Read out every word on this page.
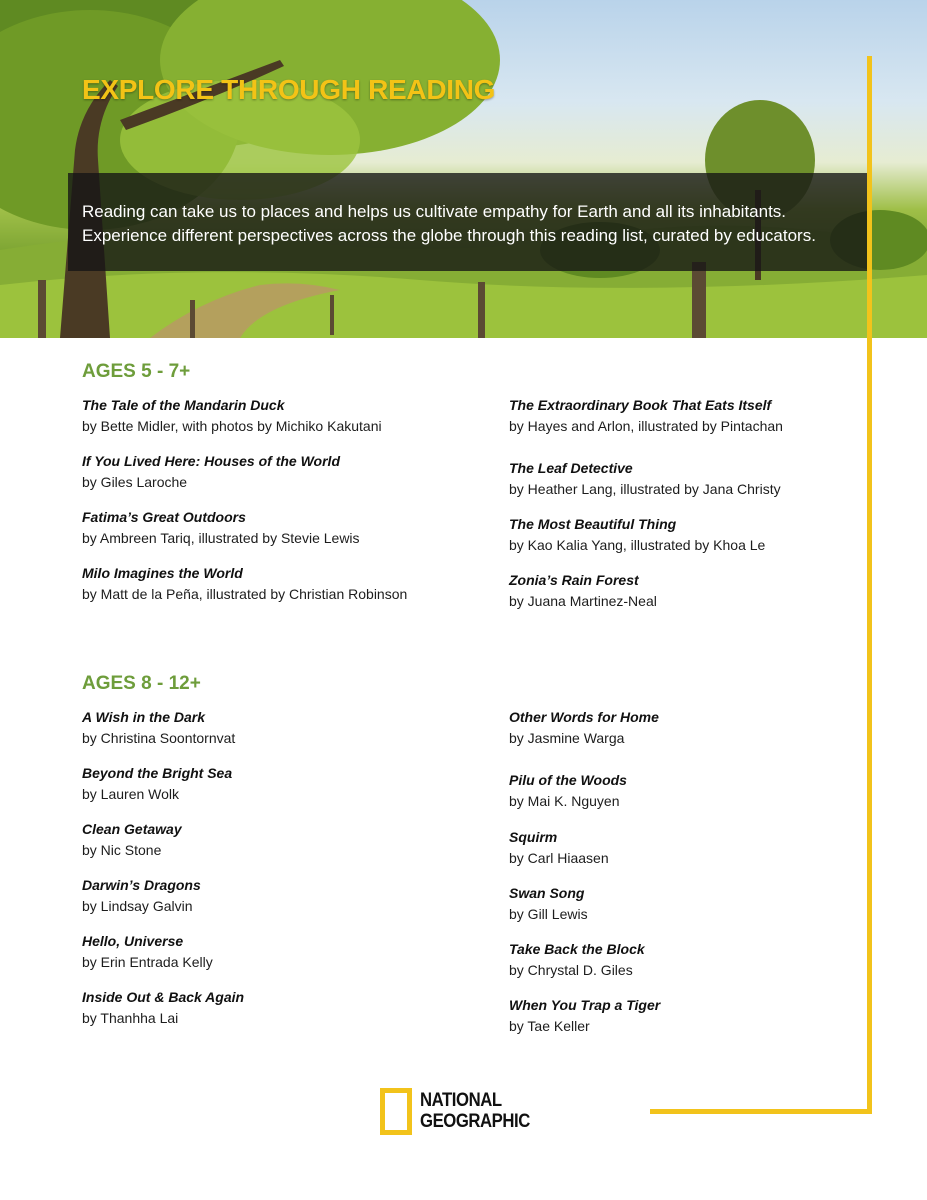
EXPLORE THROUGH READING

Reading can take us to places and helps us cultivate empathy for Earth and all its inhabitants. Experience different perspectives across the globe through this reading list, curated by educators.

AGES 5 - 7+
The Tale of the Mandarin Duck
by Bette Midler, with photos by Michiko Kakutani
If You Lived Here: Houses of the World
by Giles Laroche
Fatima’s Great Outdoors
by Ambreen Tariq, illustrated by Stevie Lewis
Milo Imagines the World
by Matt de la Peña, illustrated by Christian Robinson
The Extraordinary Book That Eats Itself
by Hayes and Arlon, illustrated by Pintachan
The Leaf Detective
by Heather Lang, illustrated by Jana Christy
The Most Beautiful Thing
by Kao Kalia Yang, illustrated by Khoa Le
Zonia’s Rain Forest
by Juana Martinez-Neal
AGES 8 - 12+
A Wish in the Dark
by Christina Soontornvat
Beyond the Bright Sea
by Lauren Wolk
Clean Getaway
by Nic Stone
Darwin’s Dragons
by Lindsay Galvin
Hello, Universe
by Erin Entrada Kelly
Inside Out & Back Again
by Thanhha Lai
Other Words for Home
by Jasmine Warga
Pilu of the Woods
by Mai K. Nguyen
Squirm
by Carl Hiaasen
Swan Song
by Gill Lewis
Take Back the Block
by Chrystal D. Giles
When You Trap a Tiger
by Tae Keller
NATIONAL
GEOGRAPHIC
